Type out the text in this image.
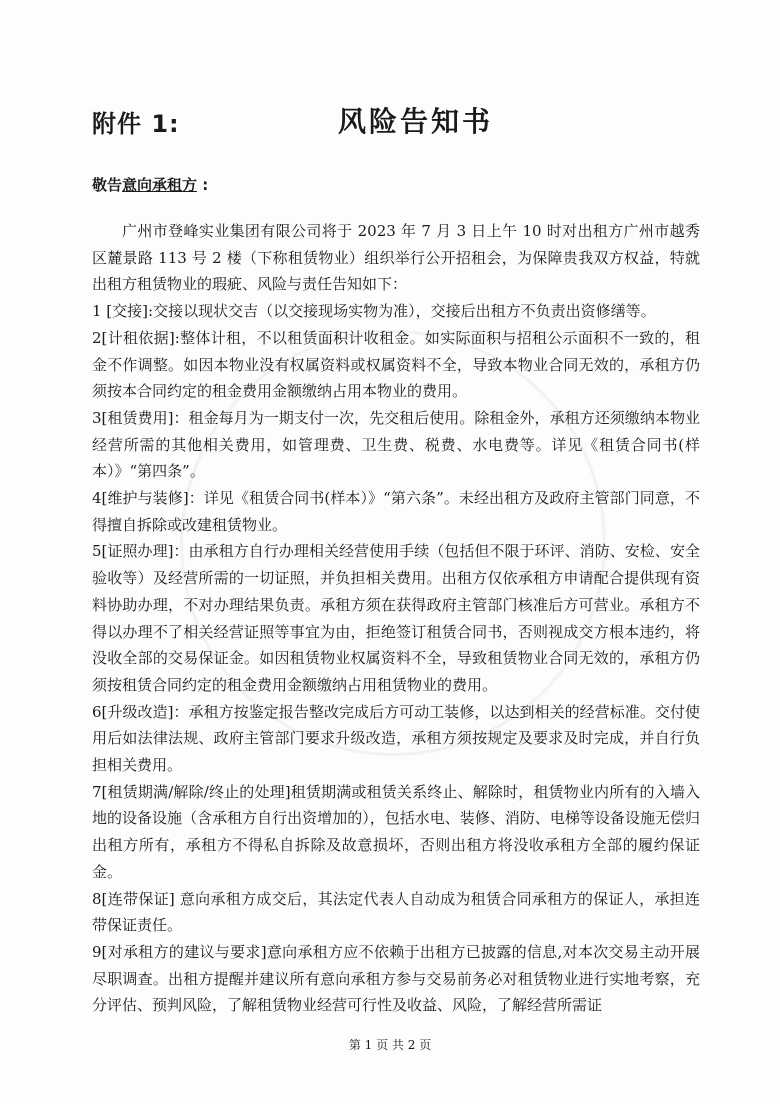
附件 1:	风险告知书
敬告意向承租方 :

广州市登峰实业集团有限公司将于 2023 年 7 月 3 日上午 10 时对出租方广州市越秀区麓景路 113 号 2 楼（下称租赁物业）组织举行公开招租会，为保障贵我双方权益，特就出租方租赁物业的瑕疵、风险与责任告知如下：

1 [交接]:交接以现状交吉（以交接现场实物为准），交接后出租方不负责出资修缮等。

2[计租依据]:整体计租，不以租赁面积计收租金。如实际面积与招租公示面积不一致的，租金不作调整。如因本物业没有权属资料或权属资料不全，导致本物业合同无效的，承租方仍须按本合同约定的租金费用金额缴纳占用本物业的费用。

3[租赁费用]：租金每月为一期支付一次，先交租后使用。除租金外，承租方还须缴纳本物业经营所需的其他相关费用，如管理费、卫生费、税费、水电费等。详见《租赁合同书(样本）》“第四条”。

4[维护与装修]：详见《租赁合同书(样本）》“第六条”。未经出租方及政府主管部门同意，不得擅自拆除或改建租赁物业。

5[证照办理]：由承租方自行办理相关经营使用手续（包括但不限于环评、消防、安检、安全验收等）及经营所需的一切证照，并负担相关费用。出租方仅依承租方申请配合提供现有资料协助办理，不对办理结果负责。承租方须在获得政府主管部门核准后方可营业。承租方不得以办理不了相关经营证照等事宜为由，拒绝签订租赁合同书，否则视成交方根本违约，将没收全部的交易保证金。如因租赁物业权属资料不全，导致租赁物业合同无效的，承租方仍须按租赁合同约定的租金费用金额缴纳占用租赁物业的费用。

6[升级改造]：承租方按鉴定报告整改完成后方可动工装修，以达到相关的经营标准。交付使用后如法律法规、政府主管部门要求升级改造，承租方须按规定及要求及时完成，并自行负担相关费用。

7[租赁期满/解除/终止的处理]租赁期满或租赁关系终止、解除时，租赁物业内所有的入墙入地的设备设施（含承租方自行出资增加的），包括水电、装修、消防、电梯等设备设施无偿归出租方所有，承租方不得私自拆除及故意损坏，否则出租方将没收承租方全部的履约保证金。

8[连带保证] 意向承租方成交后，其法定代表人自动成为租赁合同承租方的保证人，承担连带保证责任。

9[对承租方的建议与要求]意向承租方应不依赖于出租方已披露的信息,对本次交易主动开展尽职调查。出租方提醒并建议所有意向承租方参与交易前务必对租赁物业进行实地考察，充分评估、预判风险，了解租赁物业经营可行性及收益、风险，了解经营所需证

第 1 页 共 2 页
